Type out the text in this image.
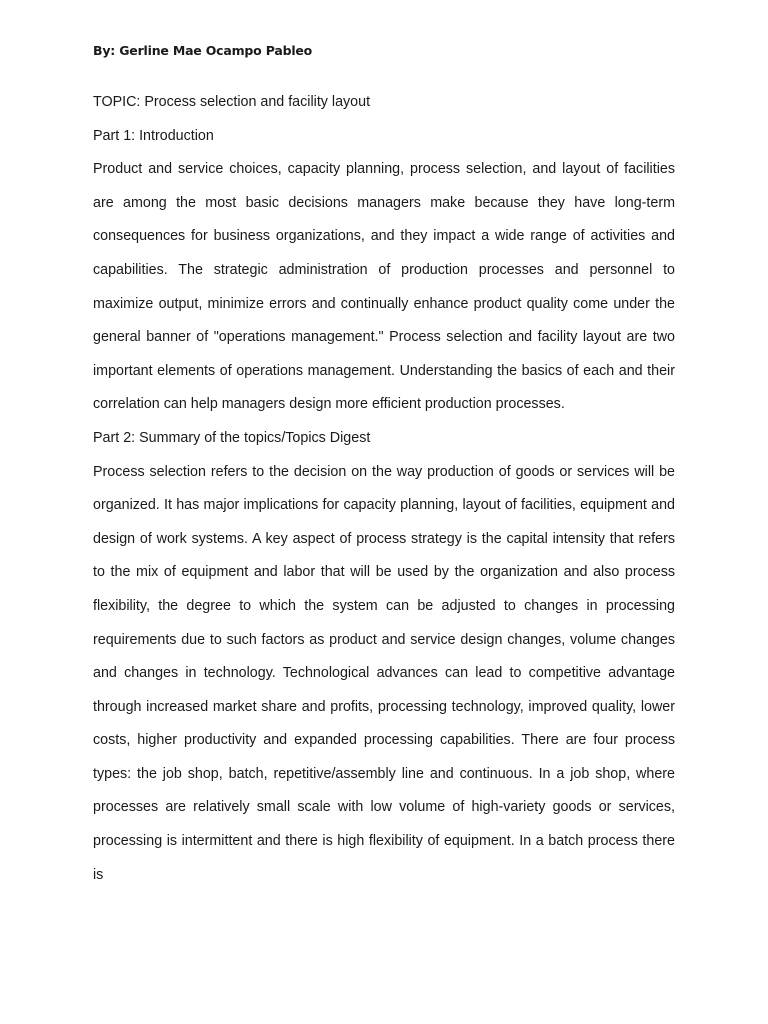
By: Gerline Mae Ocampo Pableo

TOPIC: Process selection and facility layout

Part 1: Introduction

Product and service choices, capacity planning, process selection, and layout of facilities are among the most basic decisions managers make because they have long-term consequences for business organizations, and they impact a wide range of activities and capabilities. The strategic administration of production processes and personnel to maximize output, minimize errors and continually enhance product quality come under the general banner of "operations management." Process selection and facility layout are two important elements of operations management. Understanding the basics of each and their correlation can help managers design more efficient production processes.

Part 2: Summary of the topics/Topics Digest

Process selection refers to the decision on the way production of goods or services will be organized. It has major implications for capacity planning, layout of facilities, equipment and design of work systems. A key aspect of process strategy is the capital intensity that refers to the mix of equipment and labor that will be used by the organization and also process flexibility, the degree to which the system can be adjusted to changes in processing requirements due to such factors as product and service design changes, volume changes and changes in technology. Technological advances can lead to competitive advantage through increased market share and profits, processing technology, improved quality, lower costs, higher productivity and expanded processing capabilities. There are four process types: the job shop, batch, repetitive/assembly line and continuous. In a job shop, where processes are relatively small scale with low volume of high-variety goods or services, processing is intermittent and there is high flexibility of equipment. In a batch process there is
